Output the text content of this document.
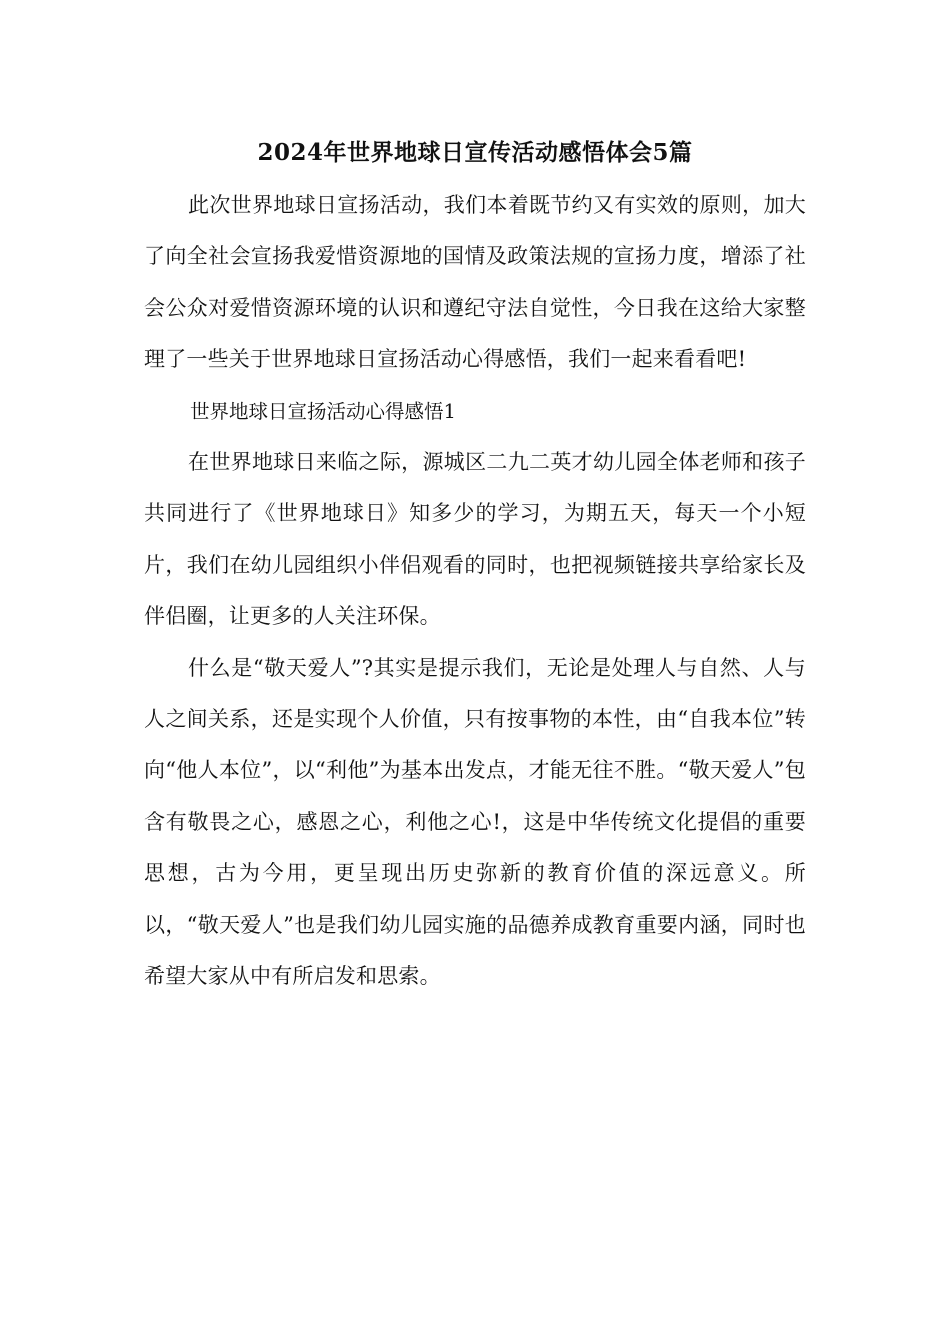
2024年世界地球日宣传活动感悟体会5篇

此次世界地球日宣扬活动，我们本着既节约又有实效的原则，加大了向全社会宣扬我爱惜资源地的国情及政策法规的宣扬力度，增添了社会公众对爱惜资源环境的认识和遵纪守法自觉性，今日我在这给大家整理了一些关于世界地球日宣扬活动心得感悟，我们一起来看看吧!

世界地球日宣扬活动心得感悟1

在世界地球日来临之际，源城区二九二英才幼儿园全体老师和孩子共同进行了《世界地球日》知多少的学习，为期五天，每天一个小短片，我们在幼儿园组织小伴侣观看的同时，也把视频链接共享给家长及伴侣圈，让更多的人关注环保。

什么是“敬天爱人”?其实是提示我们，无论是处理人与自然、人与人之间关系，还是实现个人价值，只有按事物的本性，由“自我本位”转向“他人本位”，以“利他”为基本出发点，才能无往不胜。“敬天爱人”包含有敬畏之心，感恩之心，利他之心!，这是中华传统文化提倡的重要思想，古为今用，更呈现出历史弥新的教育价值的深远意义。所以，“敬天爱人”也是我们幼儿园实施的品德养成教育重要内涵，同时也希望大家从中有所启发和思索。
